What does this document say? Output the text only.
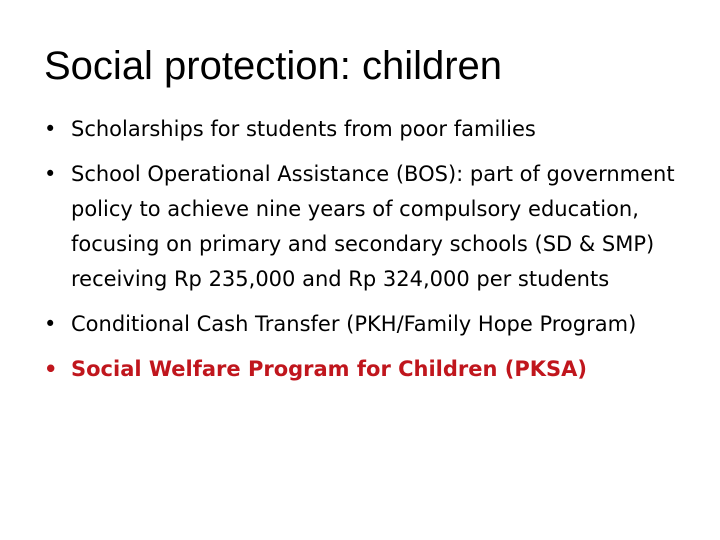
Social protection: children
• Scholarships for students from poor families
• School Operational Assistance (BOS): part of government policy to achieve nine years of compulsory education, focusing on primary and secondary schools (SD & SMP) receiving Rp 235,000 and Rp 324,000 per students
• Conditional Cash Transfer (PKH/Family Hope Program)
• Social Welfare Program for Children (PKSA)
